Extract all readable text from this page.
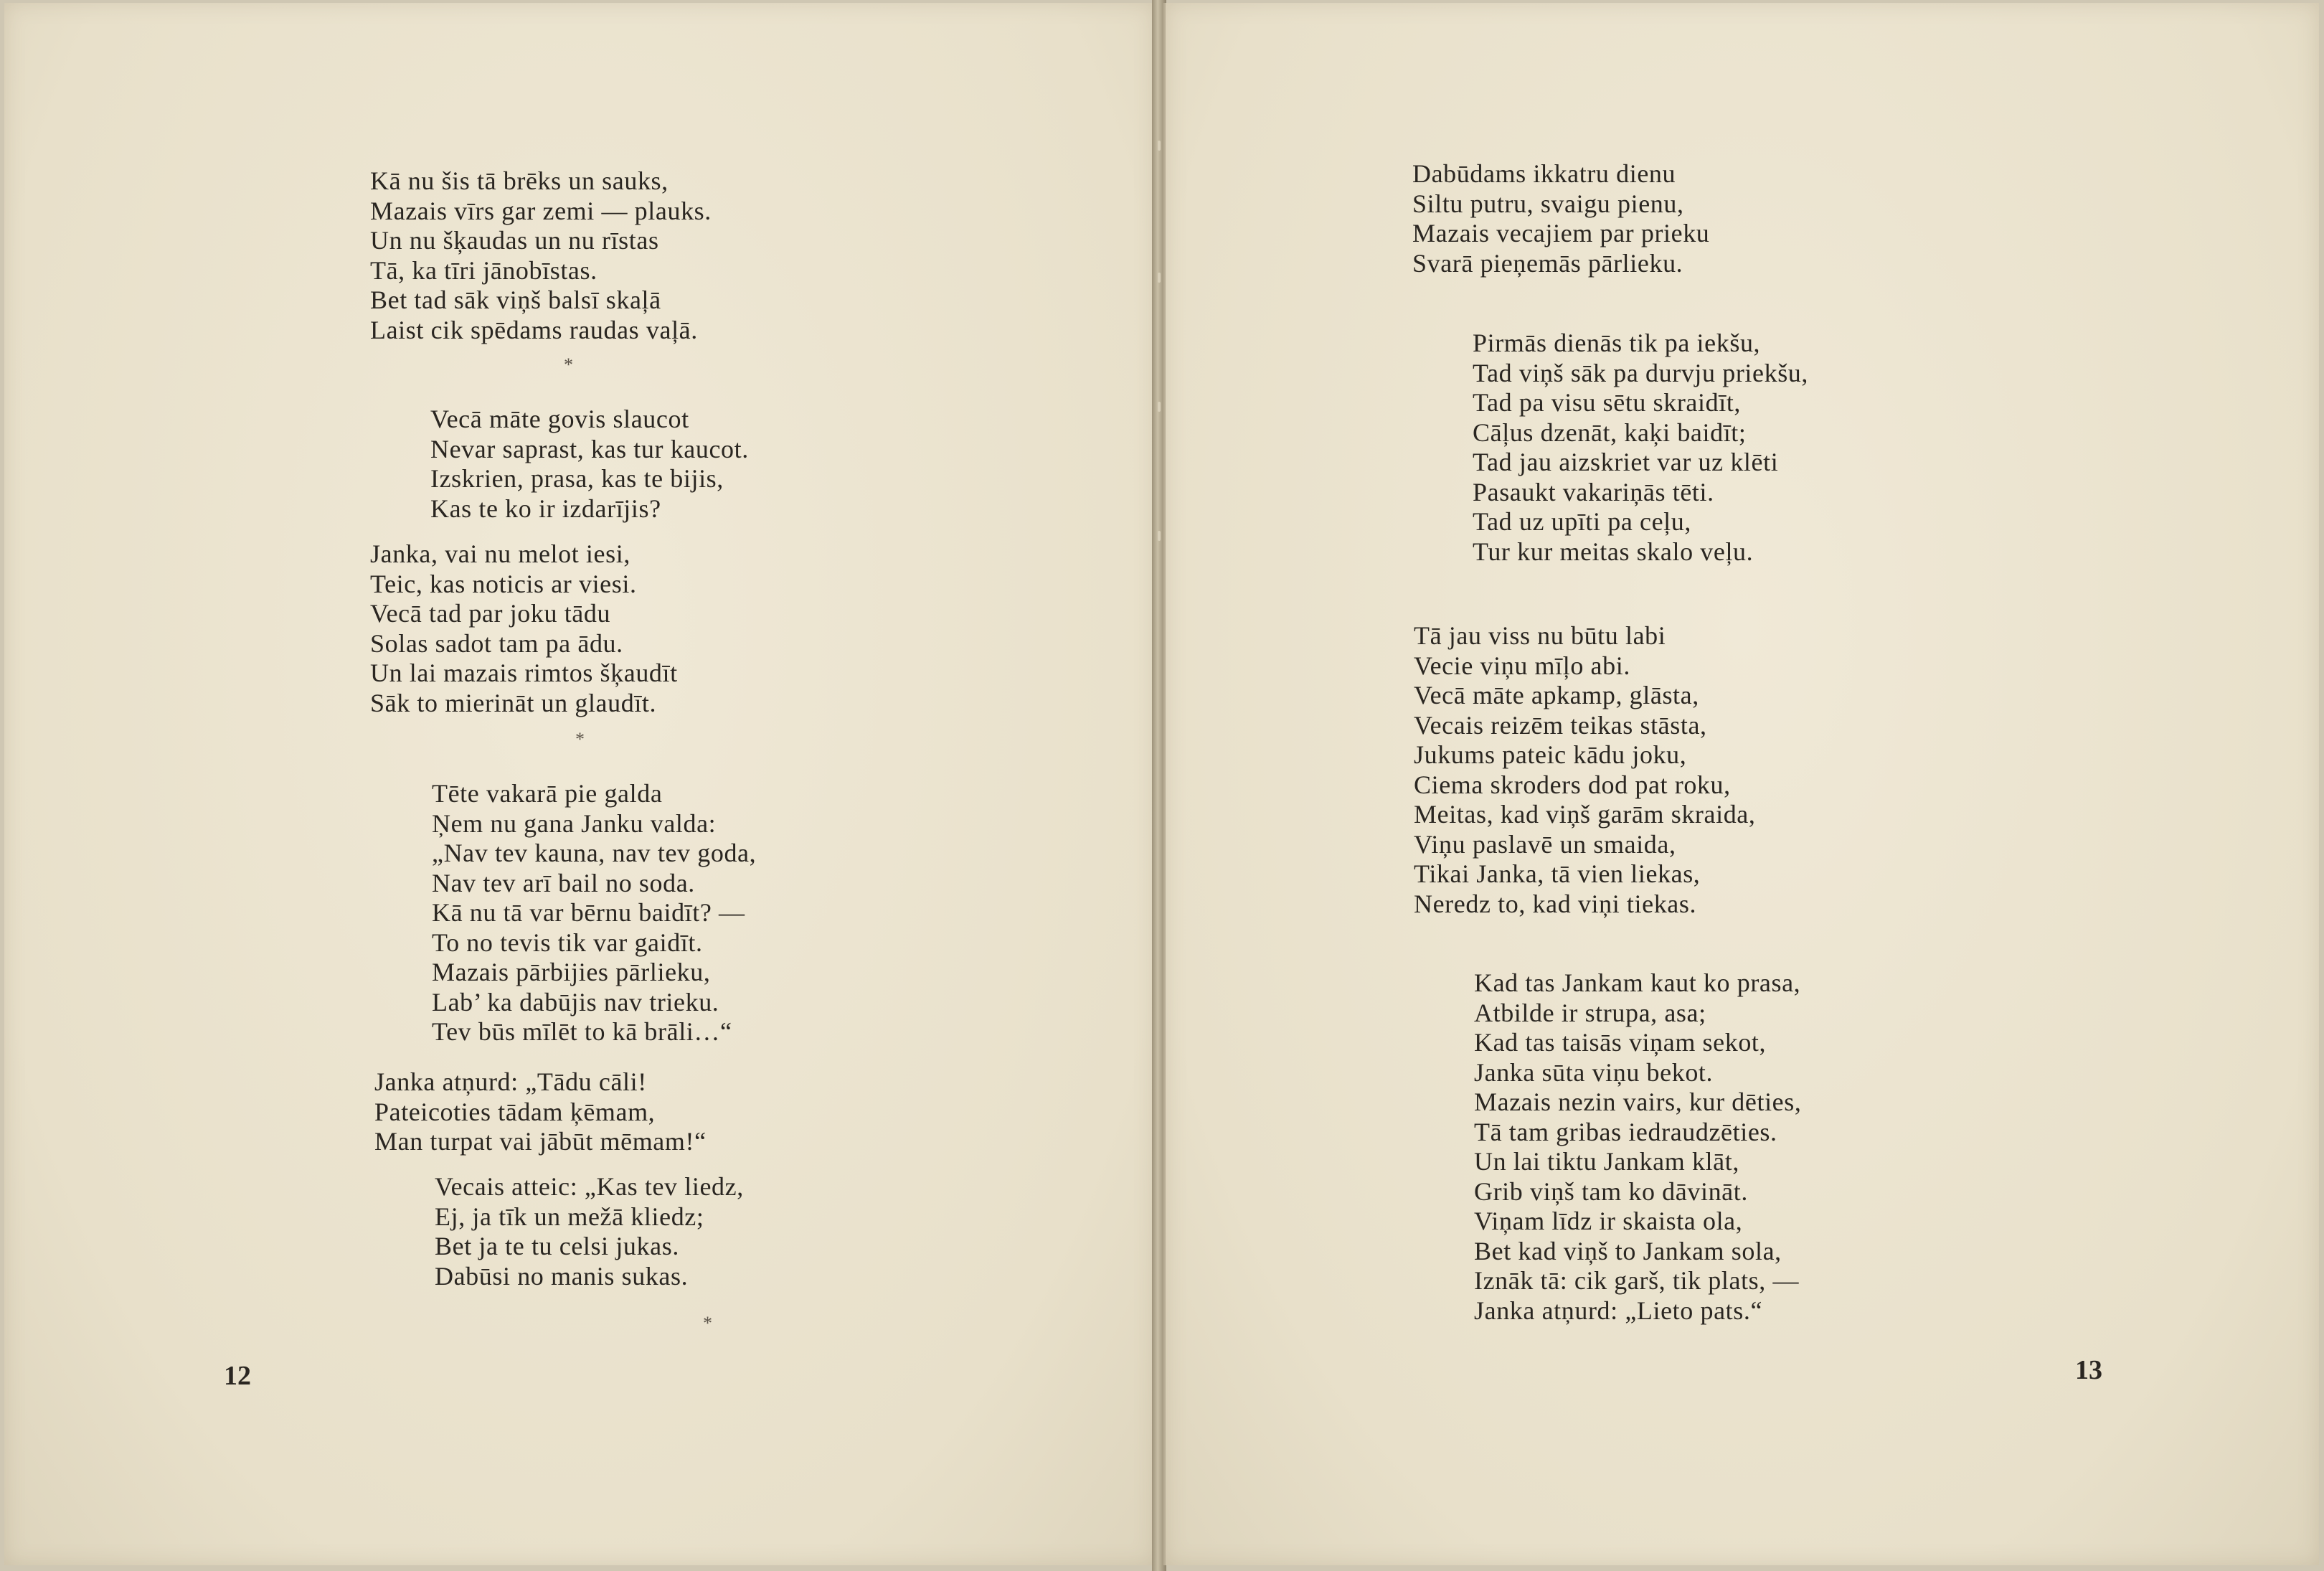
Kā nu šis tā brēks un sauks,
Mazais vīrs gar zemi — plauks.
Un nu šķaudas un nu rīstas
Tā, ka tīri jānobīstas.
Bet tad sāk viņš balsī skaļā
Laist cik spēdams raudas vaļā.
*
Vecā māte govis slaucot
Nevar saprast, kas tur kaucot.
Izskrien, prasa, kas te bijis,
Kas te ko ir izdarījis?
Janka, vai nu melot iesi,
Teic, kas noticis ar viesi.
Vecā tad par joku tādu
Solas sadot tam pa ādu.
Un lai mazais rimtos šķaudīt
Sāk to mierināt un glaudīt.
*
Tēte vakarā pie galda
Ņem nu gana Janku valda:
„Nav tev kauna, nav tev goda,
Nav tev arī bail no soda.
Kā nu tā var bērnu baidīt? —
To no tevis tik var gaidīt.
Mazais pārbijies pārlieku,
Lab’ ka dabūjis nav trieku.
Tev būs mīlēt to kā brāli…“
Janka atņurd: „Tādu cāli!
Pateicoties tādam ķēmam,
Man turpat vai jābūt mēmam!“
Vecais atteic: „Kas tev liedz,
Ej, ja tīk un mežā kliedz;
Bet ja te tu celsi jukas.
Dabūsi no manis sukas.
*
12
Dabūdams ikkatru dienu
Siltu putru, svaigu pienu,
Mazais vecajiem par prieku
Svarā pieņemās pārlieku.
Pirmās dienās tik pa iekšu,
Tad viņš sāk pa durvju priekšu,
Tad pa visu sētu skraidīt,
Cāļus dzenāt, kaķi baidīt;
Tad jau aizskriet var uz klēti
Pasaukt vakariņās tēti.
Tad uz upīti pa ceļu,
Tur kur meitas skalo veļu.
Tā jau viss nu būtu labi
Vecie viņu mīļo abi.
Vecā māte apkamp, glāsta,
Vecais reizēm teikas stāsta,
Jukums pateic kādu joku,
Ciema skroders dod pat roku,
Meitas, kad viņš garām skraida,
Viņu paslavē un smaida,
Tikai Janka, tā vien liekas,
Neredz to, kad viņi tiekas.
Kad tas Jankam kaut ko prasa,
Atbilde ir strupa, asa;
Kad tas taisās viņam sekot,
Janka sūta viņu bekot.
Mazais nezin vairs, kur dēties,
Tā tam gribas iedraudzēties.
Un lai tiktu Jankam klāt,
Grib viņš tam ko dāvināt.
Viņam līdz ir skaista ola,
Bet kad viņš to Jankam sola,
Iznāk tā: cik garš, tik plats, —
Janka atņurd: „Lieto pats.“
13
